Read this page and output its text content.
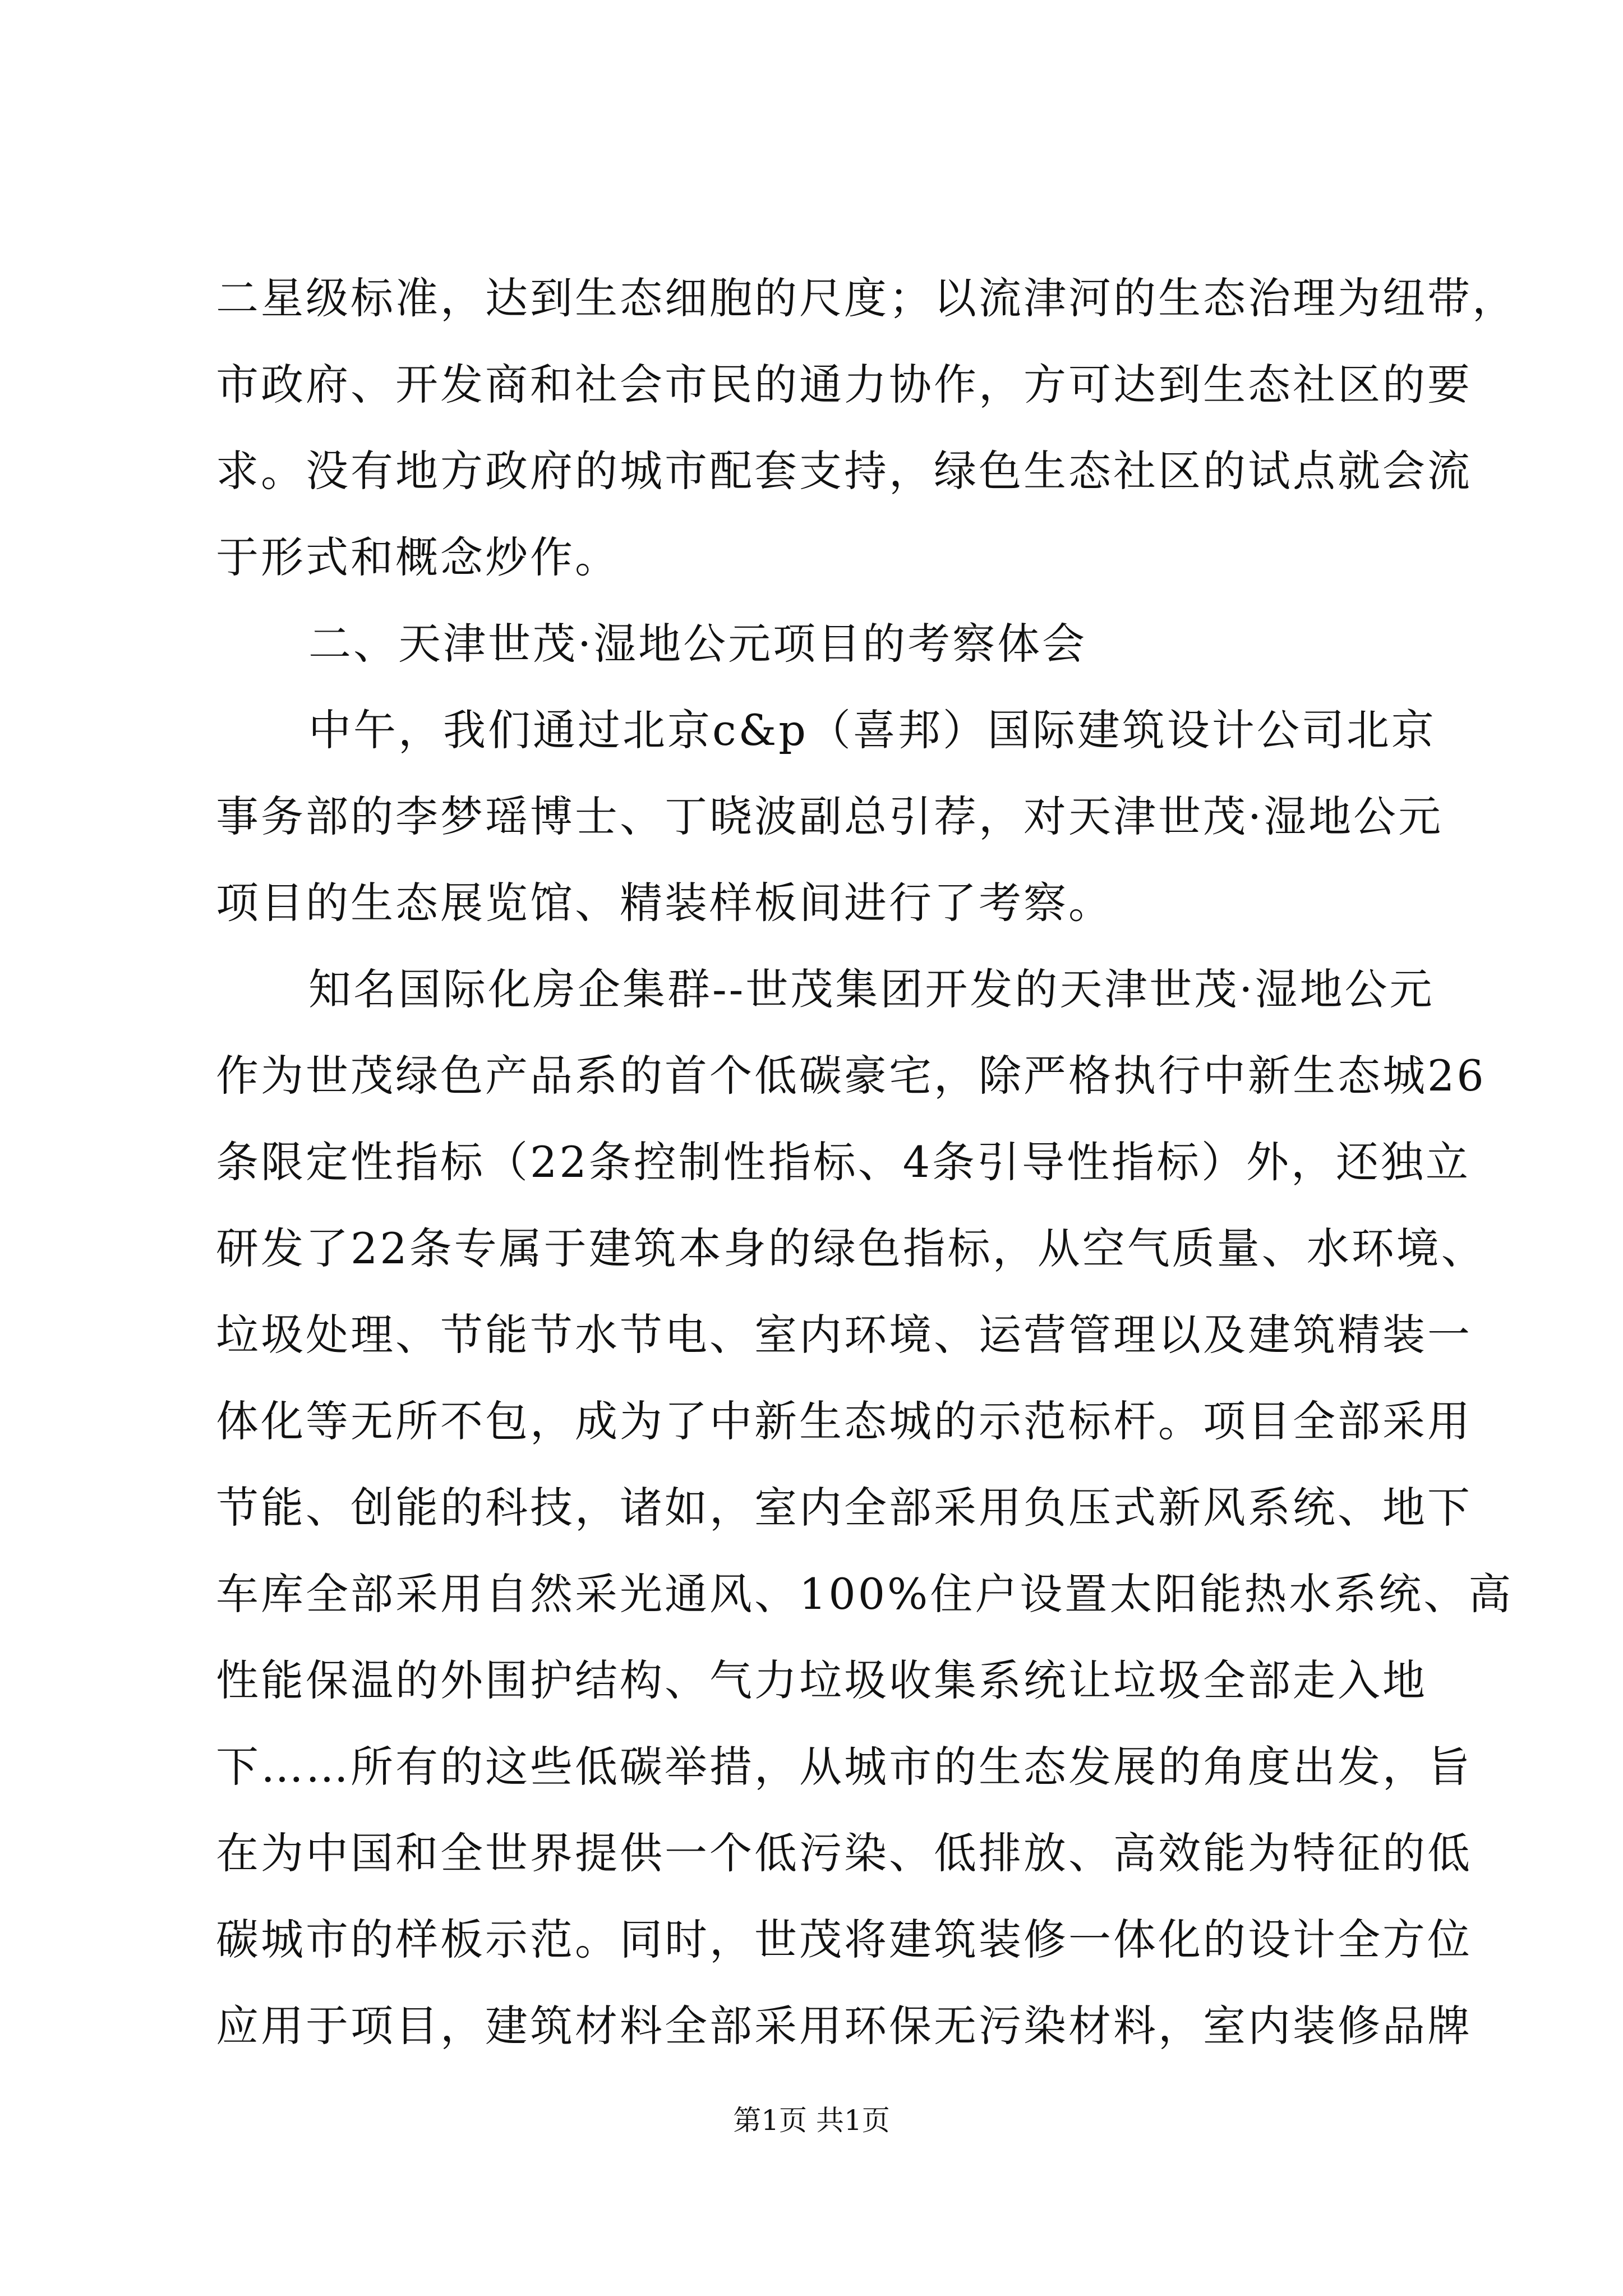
二星级标准，达到生态细胞的尺度；以流津河的生态治理为纽带，
市政府、开发商和社会市民的通力协作，方可达到生态社区的要
求。没有地方政府的城市配套支持，绿色生态社区的试点就会流
于形式和概念炒作。
二、天津世茂·湿地公元项目的考察体会
中午，我们通过北京c&p（喜邦）国际建筑设计公司北京
事务部的李梦瑶博士、丁晓波副总引荐，对天津世茂·湿地公元
项目的生态展览馆、精装样板间进行了考察。
知名国际化房企集群--世茂集团开发的天津世茂·湿地公元
作为世茂绿色产品系的首个低碳豪宅，除严格执行中新生态城26
条限定性指标（22条控制性指标、4条引导性指标）外，还独立
研发了22条专属于建筑本身的绿色指标，从空气质量、水环境、
垃圾处理、节能节水节电、室内环境、运营管理以及建筑精装一
体化等无所不包，成为了中新生态城的示范标杆。项目全部采用
节能、创能的科技，诸如，室内全部采用负压式新风系统、地下
车库全部采用自然采光通风、100%住户设置太阳能热水系统、高
性能保温的外围护结构、气力垃圾收集系统让垃圾全部走入地
下……所有的这些低碳举措，从城市的生态发展的角度出发，旨
在为中国和全世界提供一个低污染、低排放、高效能为特征的低
碳城市的样板示范。同时，世茂将建筑装修一体化的设计全方位
应用于项目，建筑材料全部采用环保无污染材料，室内装修品牌
第1页 共1页
